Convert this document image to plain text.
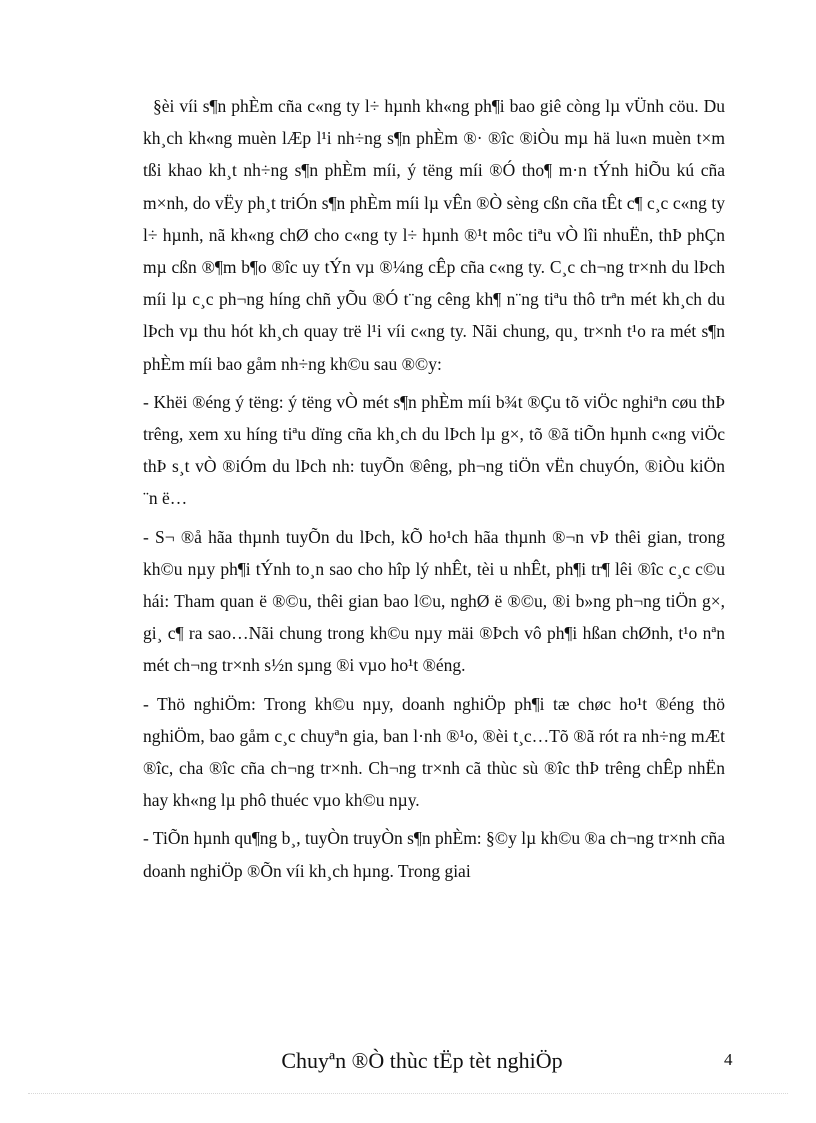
§èi víi s¶n phÈm cña c«ng ty l÷ hµnh kh«ng ph¶i bao giê còng lµ vÜnh cöu. Du kh¸ch kh«ng muèn lÆp l¹i nh÷ng s¶n phÈm ®· ®îc ®iÒu mµ hä lu«n muèn t×m tßi khao kh¸t nh÷ng s¶n phÈm míi, ý tëng míi ®Ó tho¶ m·n tÝnh hiÕu kú cña m×nh, do vËy ph¸t triÓn s¶n phÈm míi lµ vÊn ®Ò sèng cßn cña tÊt c¶ c¸c c«ng ty l÷ hµnh, nã kh«ng chØ cho c«ng ty l÷ hµnh ®¹t môc tiªu vÒ lîi nhuËn, thÞ phÇn mµ cßn ®¶m b¶o ®îc uy tÝn vµ ®¼ng cÊp cña c«ng ty. C¸c ch¬ng tr×nh du lÞch míi lµ c¸c ph¬ng híng chñ yÕu ®Ó t¨ng cêng kh¶ n¨ng tiªu thô trªn mét kh¸ch du lÞch vµ thu hót kh¸ch quay trë l¹i víi c«ng ty. Nãi chung, qu¸ tr×nh t¹o ra mét s¶n phÈm míi bao gåm nh÷ng kh©u sau ®©y:

- Khëi ®éng ý tëng: ý tëng vÒ mét s¶n phÈm míi b¾t ®Çu tõ viÖc nghiªn cøu thÞ trêng, xem xu híng tiªu dïng cña kh¸ch du lÞch lµ g×, tõ ®ã tiÕn hµnh c«ng viÖc thÞ s¸t vÒ ®iÓm du lÞch nh: tuyÕn ®êng, ph¬ng tiÖn vËn chuyÓn, ®iÒu kiÖn ¨n ë…

- S¬ ®å hãa thµnh tuyÕn du lÞch, kÕ ho¹ch hãa thµnh ®¬n vÞ thêi gian, trong kh©u nµy ph¶i tÝnh to¸n sao cho hîp lý nhÊt, tèi u nhÊt, ph¶i tr¶ lêi ®îc c¸c c©u hái: Tham quan ë ®©u, thêi gian bao l©u, nghØ ë ®©u, ®i b»ng ph¬ng tiÖn g×, gi¸ c¶ ra sao…Nãi chung trong kh©u nµy mäi ®Þch vô ph¶i hßan chØnh, t¹o nªn mét ch¬ng tr×nh s½n sµng ®i vµo ho¹t ®éng.

- Thö nghiÖm: Trong kh©u nµy, doanh nghiÖp ph¶i tæ chøc ho¹t ®éng thö nghiÖm, bao gåm c¸c chuyªn gia, ban l·nh ®¹o, ®èi t¸c…Tõ ®ã rót ra nh÷ng mÆt ®îc, cha ®îc cña ch¬ng tr×nh. Ch¬ng tr×nh cã thùc sù ®îc thÞ trêng chÊp nhËn hay kh«ng lµ phô thuéc vµo kh©u nµy.

- TiÕn hµnh qu¶ng b¸, tuyÒn truyÒn s¶n phÈm: §©y lµ kh©u ®a ch¬ng tr×nh cña doanh nghiÖp ®Õn víi kh¸ch hµng. Trong giai

Chuyªn ®Ò thùc tËp tèt nghiÖp	4
